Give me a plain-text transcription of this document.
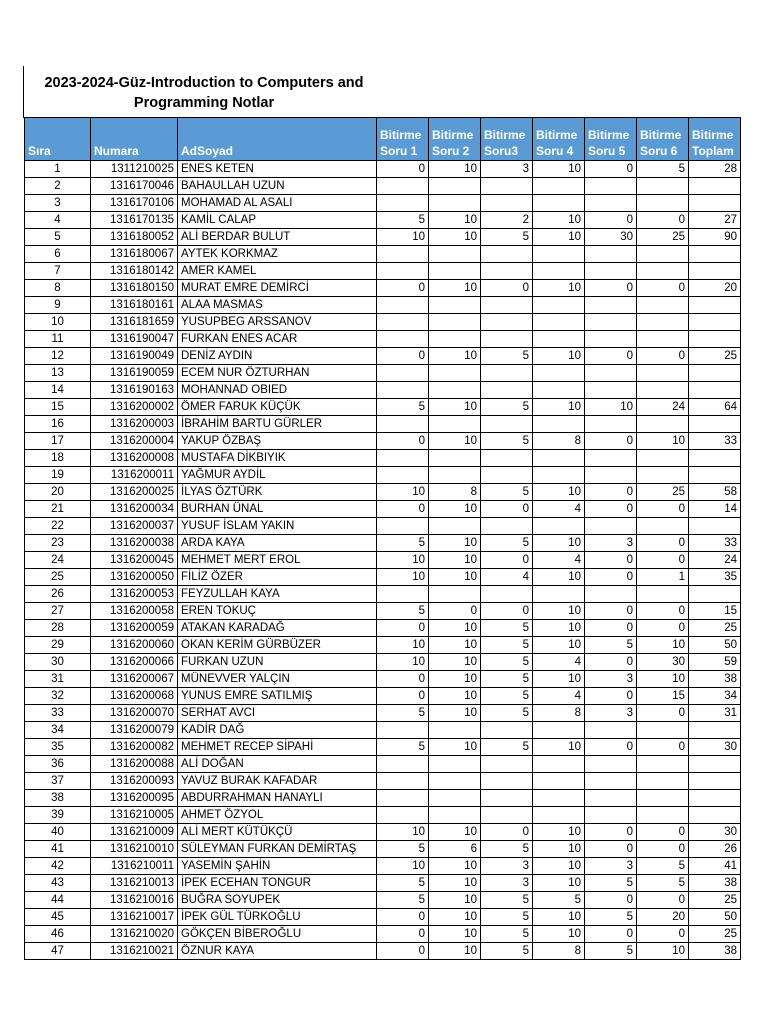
2023-2024-Güz-Introduction to Computers and
Programming Notlar
Sıra	Numara	AdSoyad	Bitirme Soru 1	Bitirme Soru 2	Bitirme Soru3	Bitirme Soru 4	Bitirme Soru 5	Bitirme Soru 6	Bitirme Toplam
1	1311210025	ENES KETEN	0	10	3	10	0	5	28
2	1316170046	BAHAULLAH UZUN							
3	1316170106	MOHAMAD AL ASALI							
4	1316170135	KAMİL CALAP	5	10	2	10	0	0	27
5	1316180052	ALİ BERDAR BULUT	10	10	5	10	30	25	90
6	1316180067	AYTEK KORKMAZ							
7	1316180142	AMER KAMEL							
8	1316180150	MURAT EMRE DEMİRCİ	0	10	0	10	0	0	20
9	1316180161	ALAA MASMAS							
10	1316181659	YUSUPBEG ARSSANOV							
11	1316190047	FURKAN ENES ACAR							
12	1316190049	DENİZ AYDIN	0	10	5	10	0	0	25
13	1316190059	ECEM NUR ÖZTURHAN							
14	1316190163	MOHANNAD OBIED							
15	1316200002	ÖMER FARUK KÜÇÜK	5	10	5	10	10	24	64
16	1316200003	İBRAHİM BARTU GÜRLER							
17	1316200004	YAKUP ÖZBAŞ	0	10	5	8	0	10	33
18	1316200008	MUSTAFA DİKBIYIK							
19	1316200011	YAĞMUR AYDİL							
20	1316200025	İLYAS ÖZTÜRK	10	8	5	10	0	25	58
21	1316200034	BURHAN ÜNAL	0	10	0	4	0	0	14
22	1316200037	YUSUF İSLAM YAKIN							
23	1316200038	ARDA KAYA	5	10	5	10	3	0	33
24	1316200045	MEHMET MERT EROL	10	10	0	4	0	0	24
25	1316200050	FİLİZ ÖZER	10	10	4	10	0	1	35
26	1316200053	FEYZULLAH KAYA							
27	1316200058	EREN TOKUÇ	5	0	0	10	0	0	15
28	1316200059	ATAKAN KARADAĞ	0	10	5	10	0	0	25
29	1316200060	OKAN KERİM GÜRBÜZER	10	10	5	10	5	10	50
30	1316200066	FURKAN UZUN	10	10	5	4	0	30	59
31	1316200067	MÜNEVVER YALÇIN	0	10	5	10	3	10	38
32	1316200068	YUNUS EMRE SATILMIŞ	0	10	5	4	0	15	34
33	1316200070	SERHAT AVCI	5	10	5	8	3	0	31
34	1316200079	KADİR DAĞ							
35	1316200082	MEHMET RECEP SİPAHİ	5	10	5	10	0	0	30
36	1316200088	ALİ DOĞAN							
37	1316200093	YAVUZ BURAK KAFADAR							
38	1316200095	ABDURRAHMAN HANAYLI							
39	1316210005	AHMET ÖZYOL							
40	1316210009	ALİ MERT KÜTÜKÇÜ	10	10	0	10	0	0	30
41	1316210010	SÜLEYMAN FURKAN DEMİRTAŞ	5	6	5	10	0	0	26
42	1316210011	YASEMİN ŞAHİN	10	10	3	10	3	5	41
43	1316210013	İPEK ECEHAN TONGUR	5	10	3	10	5	5	38
44	1316210016	BUĞRA SOYUPEK	5	10	5	5	0	0	25
45	1316210017	İPEK GÜL TÜRKOĞLU	0	10	5	10	5	20	50
46	1316210020	GÖKÇEN BİBEROĞLU	0	10	5	10	0	0	25
47	1316210021	ÖZNUR KAYA	0	10	5	8	5	10	38
